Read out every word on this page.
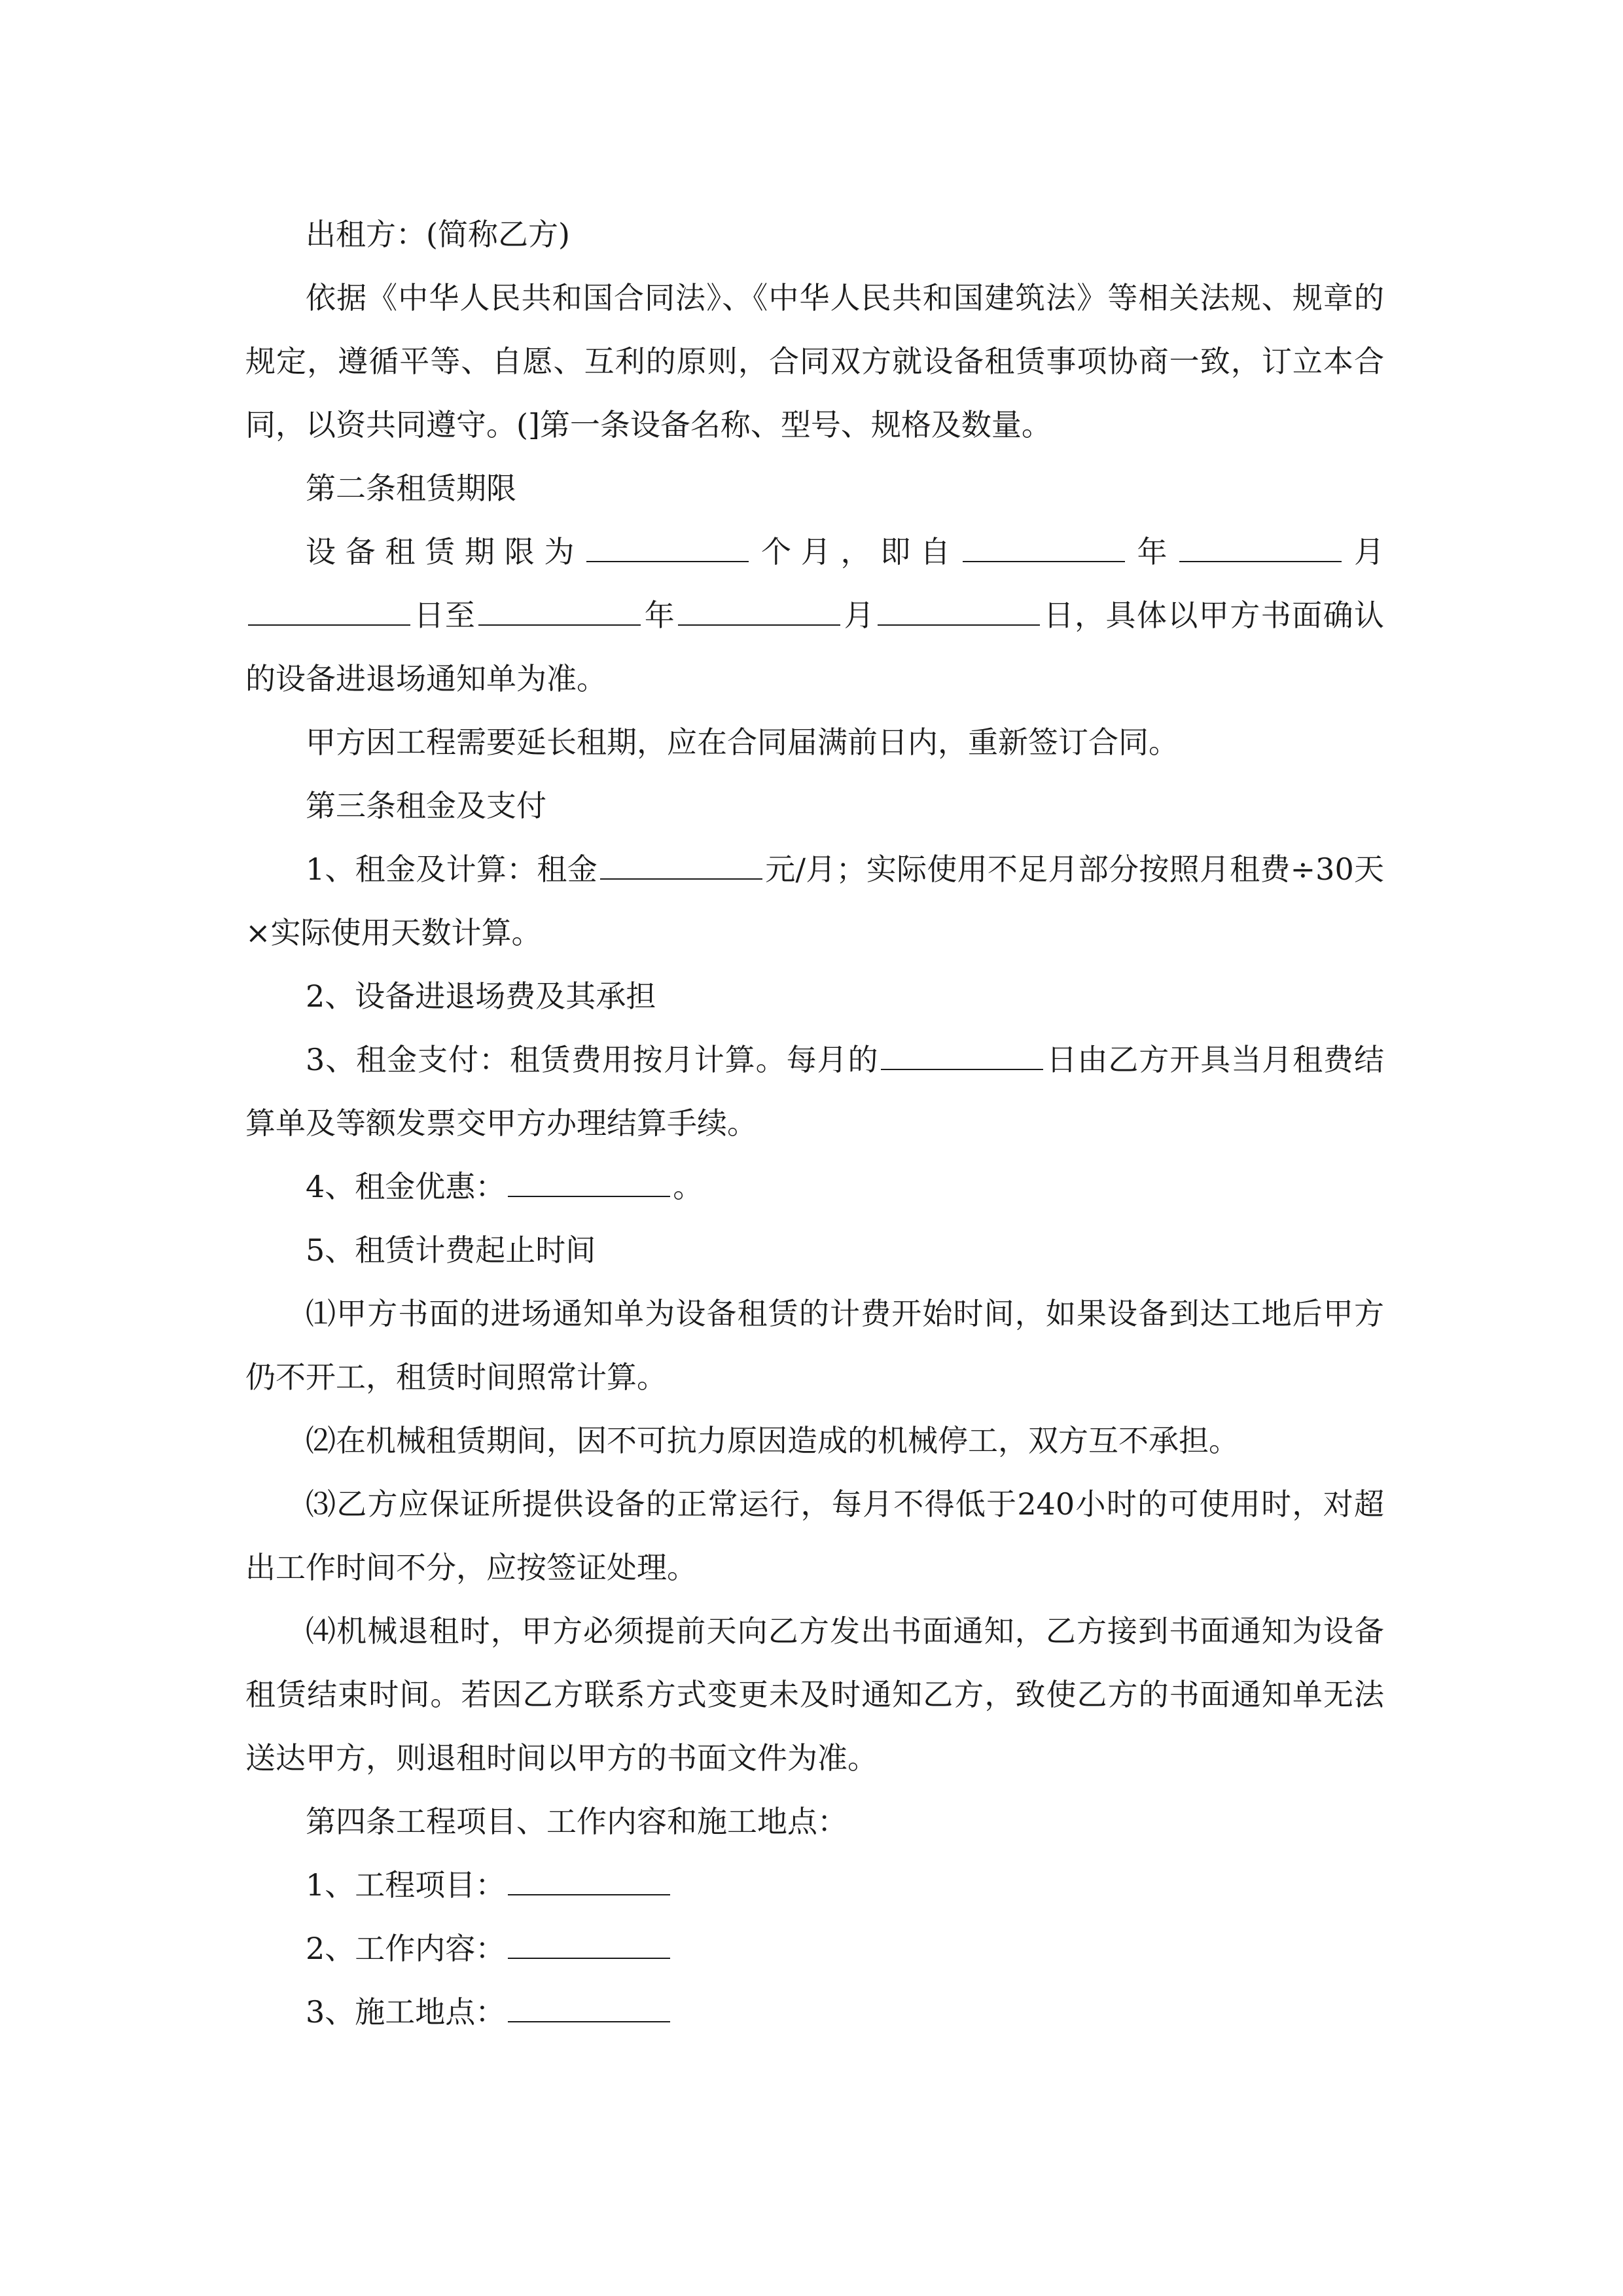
出租方：(简称乙方)

依据《中华人民共和国合同法》、《中华人民共和国建筑法》等相关法规、规章的规定，遵循平等、自愿、互利的原则，合同双方就设备租赁事项协商一致，订立本合同，以资共同遵守。(]第一条设备名称、型号、规格及数量。

第二条租赁期限

设备租赁期限为	个月，即自	年	月日至	年	月	日，具体以甲方书面确认的设备进退场通知单为准。

甲方因工程需要延长租期，应在合同届满前日内，重新签订合同。

第三条租金及支付

1、租金及计算：租金	元/月；实际使用不足月部分按照月租费÷30天×实际使用天数计算。

2、设备进退场费及其承担

3、租金支付：租赁费用按月计算。每月的	日由乙方开具当月租费结算单及等额发票交甲方办理结算手续。

4、租金优惠：	。

5、租赁计费起止时间

⑴甲方书面的进场通知单为设备租赁的计费开始时间，如果设备到达工地后甲方仍不开工，租赁时间照常计算。

⑵在机械租赁期间，因不可抗力原因造成的机械停工，双方互不承担。

⑶乙方应保证所提供设备的正常运行，每月不得低于240小时的可使用时，对超出工作时间不分，应按签证处理。

⑷机械退租时，甲方必须提前天向乙方发出书面通知，乙方接到书面通知为设备租赁结束时间。若因乙方联系方式变更未及时通知乙方，致使乙方的书面通知单无法送达甲方，则退租时间以甲方的书面文件为准。

第四条工程项目、工作内容和施工地点：

1、工程项目：

2、工作内容：

3、施工地点：
